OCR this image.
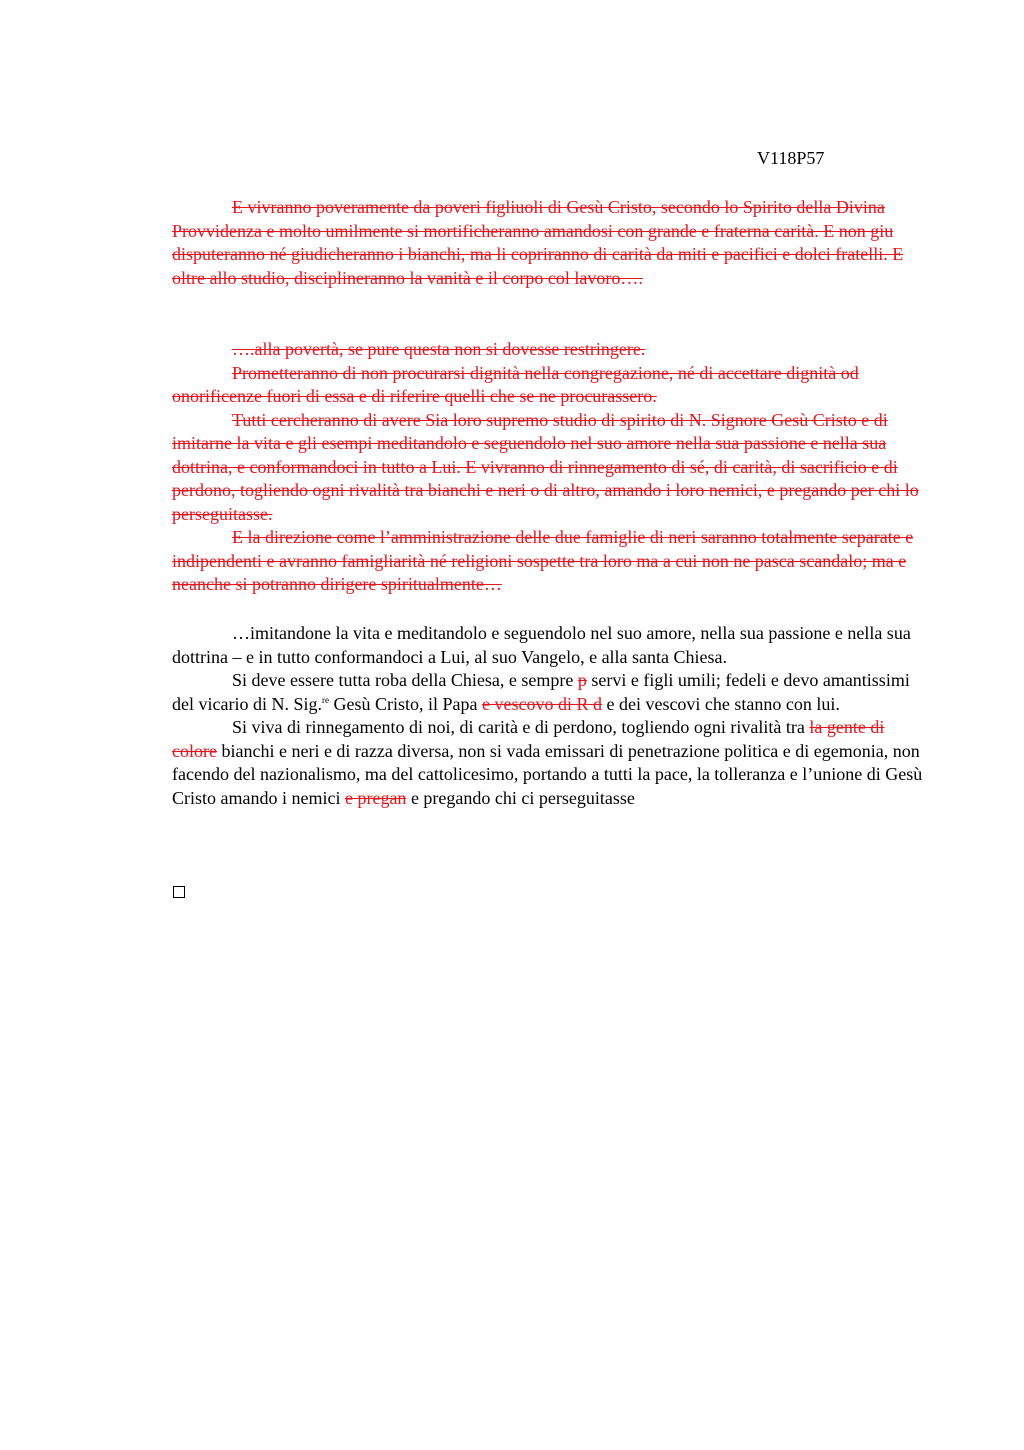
V118P57

E vivranno poveramente da poveri figliuoli di Gesù Cristo, secondo lo Spirito della Divina Provvidenza e molto umilmente si mortificheranno amandosi con grande e fraterna carità. E non giu disputeranno né giudicheranno i bianchi, ma li copriranno di carità da miti e pacifici e dolci fratelli. E oltre allo studio, disciplineranno la vanità e il corpo col lavoro….

….alla povertà, se pure questa non si dovesse restringere.

Prometteranno di non procurarsi dignità nella congregazione, né di accettare dignità od onorificenze fuori di essa e di riferire quelli che se ne procurassero.

Tutti cercheranno di avere Sia loro supremo studio di spirito di N. Signore Gesù Cristo e di imitarne la vita e gli esempi meditandolo e seguendolo nel suo amore nella sua passione e nella sua dottrina, e conformandoci in tutto a Lui. E vivranno di rinnegamento di sé, di carità, di sacrificio e di perdono, togliendo ogni rivalità tra bianchi e neri o di altro, amando i loro nemici, e pregando per chi lo perseguitasse.

E la direzione come l’amministrazione delle due famiglie di neri saranno totalmente separate e indipendenti e avranno famigliarità né religioni sospette tra loro ma a cui non ne pasca scandalo; ma e neanche si potranno dirigere spiritualmente…

…imitandone la vita e meditandolo e seguendolo nel suo amore, nella sua passione e nella sua dottrina – e in tutto conformandoci a Lui, al suo Vangelo, e alla santa Chiesa.

Si deve essere tutta roba della Chiesa, e sempre p servi e figli umili; fedeli e devo amantissimi del vicario di N. Sig.$^{re}$ Gesù Cristo, il Papa e vescovo di R d e dei vescovi che stanno con lui.

Si viva di rinnegamento di noi, di carità e di perdono, togliendo ogni rivalità tra la gente di colore bianchi e neri e di razza diversa, non si vada emissari di penetrazione politica e di egemonia, non facendo del nazionalismo, ma del cattolicesimo, portando a tutti la pace, la tolleranza e l’unione di Gesù Cristo amando i nemici e pregan e pregando chi ci perseguitasse
